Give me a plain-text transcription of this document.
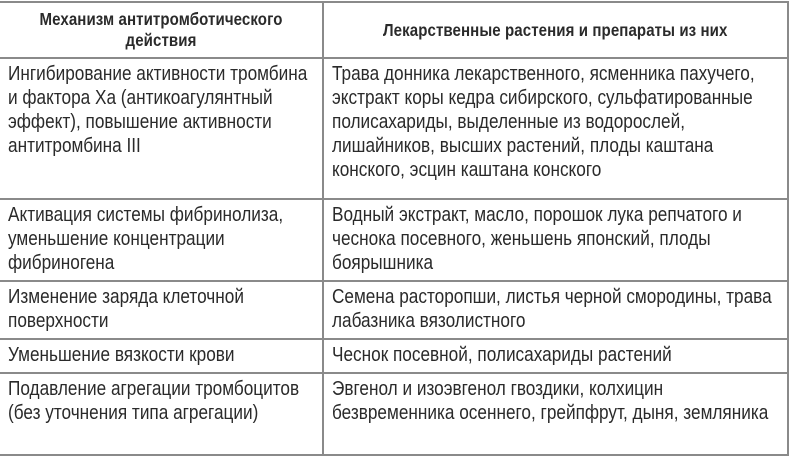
Механизм антитромботического действия	Лекарственные растения и препараты из них

Ингибирование активности тромбина и фактора Ха (антикоагулянтный эффект), повышение активности антитромбина III	Трава донника лекарственного, ясменника пахучего, экстракт коры кедра сибирского, сульфатированные полисахариды, выделенные из водорослей, лишайников, высших растений, плоды каштана конского, эсцин каштана конского

Активация системы фибринолиза, уменьшение концентрации фибриногена	Водный экстракт, масло, порошок лука репчатого и чеснока посевного, женьшень японский, плоды боярышника

Изменение заряда клеточной поверхности	Семена расторопши, листья черной смородины, трава лабазника вязолистного

Уменьшение вязкости крови	Чеснок посевной, полисахариды растений

Подавление агрегации тромбоцитов (без уточнения типа агрегации)	Эвгенол и изоэвгенол гвоздики, колхицин безвременника осеннего, грейпфрут, дыня, земляника
